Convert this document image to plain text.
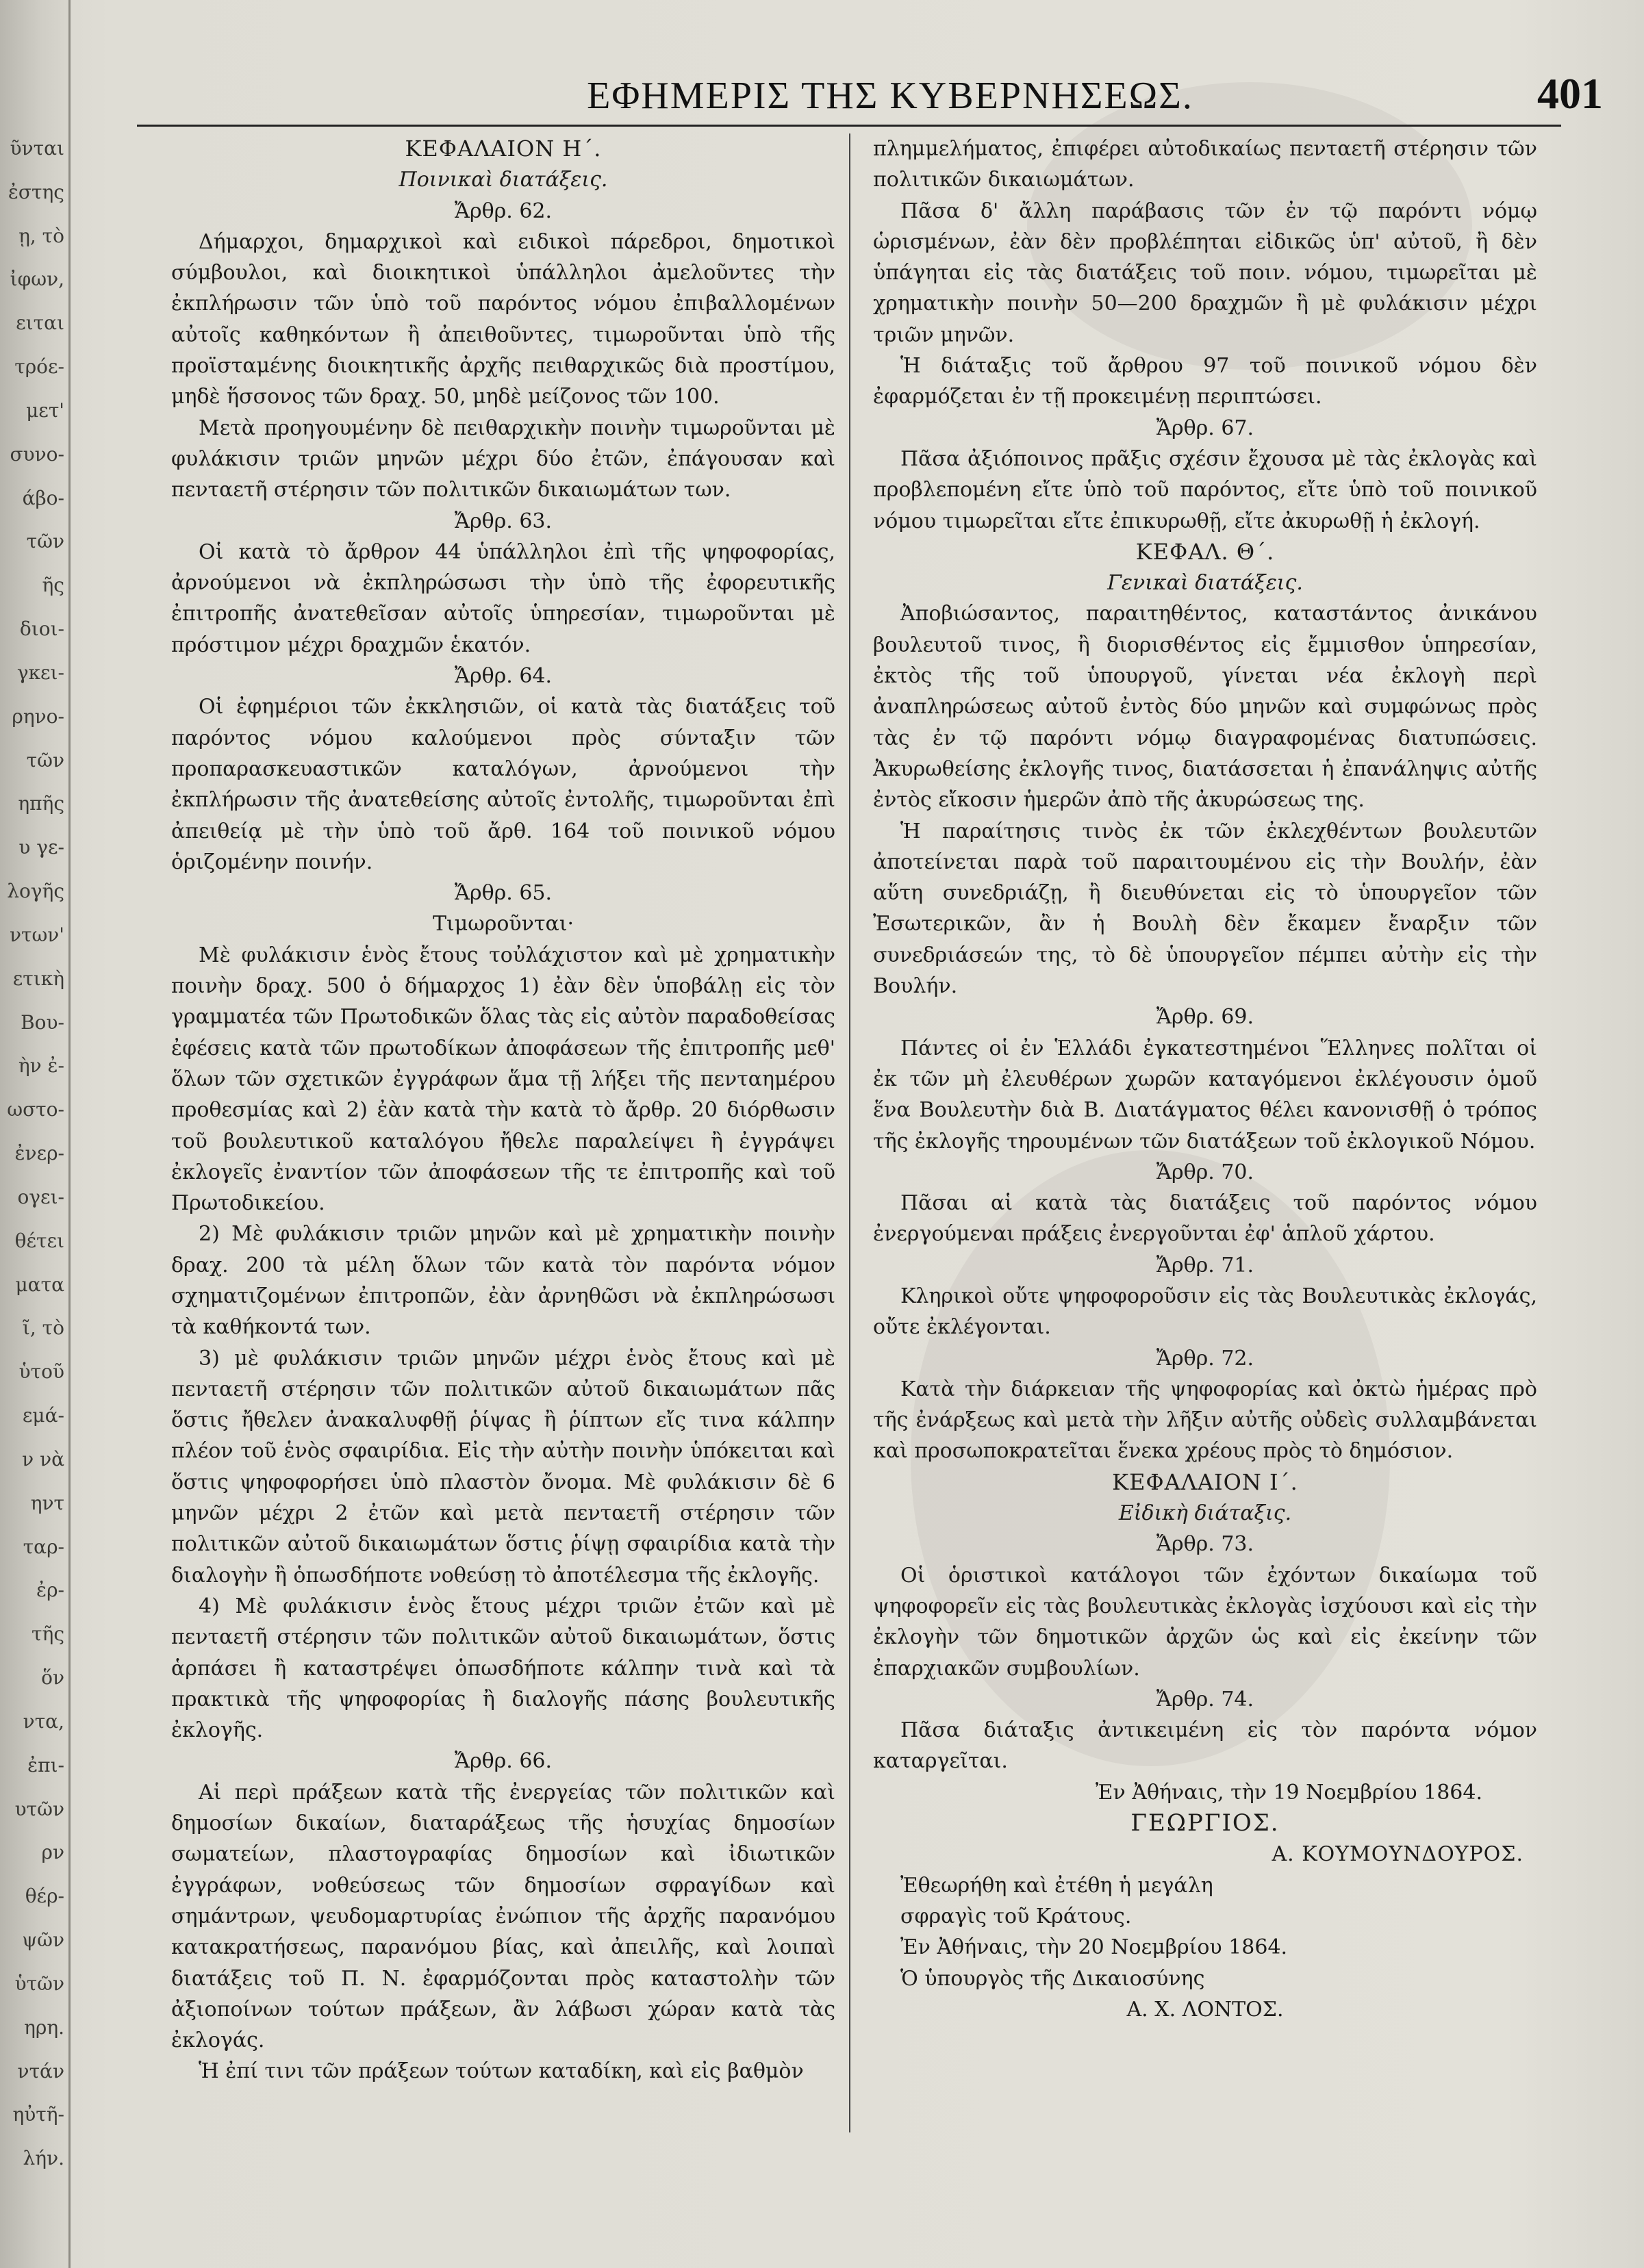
ῦνται
ἐστης
ῃ, τὸ
ἰφων,
ειται
τρόε-
μετ'
συνο-
άβο-
τῶν
ῆς
διοι-
γκει-
ρηνο-
τῶν
ηπῆς
υ γε-
λογῆς
ντων'
ετικὴ
Βου-
ὴν ἐ-
ωστο-
ἐνερ-
ογει-
θέτει
ματα
ῖ, τὸ
ὑτοῦ
εμά-
ν νὰ
ηντ
ταρ-
ἐρ-
τῆς
ὅν
ντα,
ἐπι-
υτῶν
ρν
θέρ-
ψῶν
ὑτῶν
ηρη.
ντάν
ηὐτῆ-
λήν.
ΕΦΗΜΕΡΙΣ ΤΗΣ ΚΥΒΕΡΝΗΣΕΩΣ.	401

ΚΕΦΑΛΑΙΟΝ Η΄.

Ποινικαὶ διατάξεις.

Ἄρθρ. 62.

Δήμαρχοι, δημαρχικοὶ καὶ ειδικοὶ πάρεδροι, δημοτικοὶ σύμβουλοι, καὶ διοικητικοὶ ὑπάλληλοι ἀμελοῦντες τὴν ἐκπλήρωσιν τῶν ὑπὸ τοῦ παρόντος νόμου ἐπιβαλλομένων αὐτοῖς καθηκόντων ἢ ἀπειθοῦντες, τιμωροῦνται ὑπὸ τῆς προϊσταμένης διοικητικῆς ἀρχῆς πειθαρχικῶς διὰ προστίμου, μηδὲ ἥσσονος τῶν δραχ. 50, μηδὲ μείζονος τῶν 100.

Μετὰ προηγουμένην δὲ πειθαρχικὴν ποινὴν τιμωροῦνται μὲ φυλάκισιν τριῶν μηνῶν μέχρι δύο ἐτῶν, ἐπάγουσαν καὶ πενταετῆ στέρησιν τῶν πολιτικῶν δικαιωμάτων των.

Ἄρθρ. 63.

Οἱ κατὰ τὸ ἄρθρον 44 ὑπάλληλοι ἐπὶ τῆς ψηφοφορίας, ἀρνούμενοι νὰ ἐκπληρώσωσι τὴν ὑπὸ τῆς ἐφορευτικῆς ἐπιτροπῆς ἀνατεθεῖσαν αὐτοῖς ὑπηρεσίαν, τιμωροῦνται μὲ πρόστιμον μέχρι δραχμῶν ἑκατόν.

Ἄρθρ. 64.

Οἱ ἐφημέριοι τῶν ἐκκλησιῶν, οἱ κατὰ τὰς διατάξεις τοῦ παρόντος νόμου καλούμενοι πρὸς σύνταξιν τῶν προπαρασκευαστικῶν καταλόγων, ἀρνούμενοι τὴν ἐκπλήρωσιν τῆς ἀνατεθείσης αὐτοῖς ἐντολῆς, τιμωροῦνται ἐπὶ ἀπειθείᾳ μὲ τὴν ὑπὸ τοῦ ἄρθ. 164 τοῦ ποινικοῦ νόμου ὁριζομένην ποινήν.

Ἄρθρ. 65.

Τιμωροῦνται·

Μὲ φυλάκισιν ἑνὸς ἔτους τοὐλάχιστον καὶ μὲ χρηματικὴν ποινὴν δραχ. 500 ὁ δήμαρχος 1) ἐὰν δὲν ὑποβάλῃ εἰς τὸν γραμματέα τῶν Πρωτοδικῶν ὅλας τὰς εἰς αὐτὸν παραδοθείσας ἐφέσεις κατὰ τῶν πρωτοδίκων ἀποφάσεων τῆς ἐπιτροπῆς μεθ' ὅλων τῶν σχετικῶν ἐγγράφων ἅμα τῇ λήξει τῆς πενταημέρου προθεσμίας καὶ 2) ἐὰν κατὰ τὴν κατὰ τὸ ἄρθρ. 20 διόρθωσιν τοῦ βουλευτικοῦ καταλόγου ἤθελε παραλείψει ἢ ἐγγράψει ἐκλογεῖς ἐναντίον τῶν ἀποφάσεων τῆς τε ἐπιτροπῆς καὶ τοῦ Πρωτοδικείου.

2) Μὲ φυλάκισιν τριῶν μηνῶν καὶ μὲ χρηματικὴν ποινὴν δραχ. 200 τὰ μέλη ὅλων τῶν κατὰ τὸν παρόντα νόμον σχηματιζομένων ἐπιτροπῶν, ἐὰν ἀρνηθῶσι νὰ ἐκπληρώσωσι τὰ καθήκοντά των.

3) μὲ φυλάκισιν τριῶν μηνῶν μέχρι ἑνὸς ἔτους καὶ μὲ πενταετῆ στέρησιν τῶν πολιτικῶν αὐτοῦ δικαιωμάτων πᾶς ὅστις ἤθελεν ἀνακαλυφθῇ ῥίψας ἢ ῥίπτων εἴς τινα κάλπην πλέον τοῦ ἑνὸς σφαιρίδια. Εἰς τὴν αὐτὴν ποινὴν ὑπόκειται καὶ ὅστις ψηφοφορήσει ὑπὸ πλαστὸν ὄνομα. Μὲ φυλάκισιν δὲ 6 μηνῶν μέχρι 2 ἐτῶν καὶ μετὰ πενταετῆ στέρησιν τῶν πολιτικῶν αὐτοῦ δικαιωμάτων ὅστις ῥίψῃ σφαιρίδια κατὰ τὴν διαλογὴν ἢ ὁπωσδήποτε νοθεύσῃ τὸ ἀποτέλεσμα τῆς ἐκλογῆς.

4) Μὲ φυλάκισιν ἑνὸς ἔτους μέχρι τριῶν ἐτῶν καὶ μὲ πενταετῆ στέρησιν τῶν πολιτικῶν αὐτοῦ δικαιωμάτων, ὅστις ἁρπάσει ἢ καταστρέψει ὁπωσδήποτε κάλπην τινὰ καὶ τὰ πρακτικὰ τῆς ψηφοφορίας ἢ διαλογῆς πάσης βουλευτικῆς ἐκλογῆς.

Ἄρθρ. 66.

Αἱ περὶ πράξεων κατὰ τῆς ἐνεργείας τῶν πολιτικῶν καὶ δημοσίων δικαίων, διαταράξεως τῆς ἡσυχίας δημοσίων σωματείων, πλαστογραφίας δημοσίων καὶ ἰδιωτικῶν ἐγγράφων, νοθεύσεως τῶν δημοσίων σφραγίδων καὶ σημάντρων, ψευδομαρτυρίας ἐνώπιον τῆς ἀρχῆς παρανόμου κατακρατήσεως, παρανόμου βίας, καὶ ἀπειλῆς, καὶ λοιπαὶ διατάξεις τοῦ Π. Ν. ἐφαρμόζονται πρὸς καταστολὴν τῶν ἀξιοποίνων τούτων πράξεων, ἂν λάβωσι χώραν κατὰ τὰς ἐκλογάς.

Ἡ ἐπί τινι τῶν πράξεων τούτων καταδίκη, καὶ εἰς βαθμὸν

πλημμελήματος, ἐπιφέρει αὐτοδικαίως πενταετῆ στέρησιν τῶν πολιτικῶν δικαιωμάτων.

Πᾶσα δ' ἄλλη παράβασις τῶν ἐν τῷ παρόντι νόμῳ ὡρισμένων, ἐὰν δὲν προβλέπηται εἰδικῶς ὑπ' αὐτοῦ, ἢ δὲν ὑπάγηται εἰς τὰς διατάξεις τοῦ ποιν. νόμου, τιμωρεῖται μὲ χρηματικὴν ποινὴν 50—200 δραχμῶν ἢ μὲ φυλάκισιν μέχρι τριῶν μηνῶν.

Ἡ διάταξις τοῦ ἄρθρου 97 τοῦ ποινικοῦ νόμου δὲν ἐφαρμόζεται ἐν τῇ προκειμένῃ περιπτώσει.

Ἄρθρ. 67.

Πᾶσα ἀξιόποινος πρᾶξις σχέσιν ἔχουσα μὲ τὰς ἐκλογὰς καὶ προβλεπομένη εἴτε ὑπὸ τοῦ παρόντος, εἴτε ὑπὸ τοῦ ποινικοῦ νόμου τιμωρεῖται εἴτε ἐπικυρωθῇ, εἴτε ἀκυρωθῇ ἡ ἐκλογή.

ΚΕΦΑΛ. Θ΄.

Γενικαὶ διατάξεις.

Ἀποβιώσαντος, παραιτηθέντος, καταστάντος ἀνικάνου βουλευτοῦ τινος, ἢ διορισθέντος εἰς ἔμμισθον ὑπηρεσίαν, ἐκτὸς τῆς τοῦ ὑπουργοῦ, γίνεται νέα ἐκλογὴ περὶ ἀναπληρώσεως αὐτοῦ ἐντὸς δύο μηνῶν καὶ συμφώνως πρὸς τὰς ἐν τῷ παρόντι νόμῳ διαγραφομένας διατυπώσεις. Ἀκυρωθείσης ἐκλογῆς τινος, διατάσσεται ἡ ἐπανάληψις αὐτῆς ἐντὸς εἴκοσιν ἡμερῶν ἀπὸ τῆς ἀκυρώσεως της.

Ἡ παραίτησις τινὸς ἐκ τῶν ἐκλεχθέντων βουλευτῶν ἀποτείνεται παρὰ τοῦ παραιτουμένου εἰς τὴν Βουλήν, ἐὰν αὕτη συνεδριάζῃ, ἢ διευθύνεται εἰς τὸ ὑπουργεῖον τῶν Ἐσωτερικῶν, ἂν ἡ Βουλὴ δὲν ἔκαμεν ἔναρξιν τῶν συνεδριάσεών της, τὸ δὲ ὑπουργεῖον πέμπει αὐτὴν εἰς τὴν Βουλήν.

Ἄρθρ. 69.

Πάντες οἱ ἐν Ἑλλάδι ἐγκατεστημένοι Ἕλληνες πολῖται οἱ ἐκ τῶν μὴ ἐλευθέρων χωρῶν καταγόμενοι ἐκλέγουσιν ὁμοῦ ἕνα Βουλευτὴν διὰ Β. Διατάγματος θέλει κανονισθῇ ὁ τρόπος τῆς ἐκλογῆς τηρουμένων τῶν διατάξεων τοῦ ἐκλογικοῦ Νόμου.

Ἄρθρ. 70.

Πᾶσαι αἱ κατὰ τὰς διατάξεις τοῦ παρόντος νόμου ἐνεργούμεναι πράξεις ἐνεργοῦνται ἐφ' ἁπλοῦ χάρτου.

Ἄρθρ. 71.

Κληρικοὶ οὔτε ψηφοφοροῦσιν εἰς τὰς Βουλευτικὰς ἐκλογάς, οὔτε ἐκλέγονται.

Ἄρθρ. 72.

Κατὰ τὴν διάρκειαν τῆς ψηφοφορίας καὶ ὀκτὼ ἡμέρας πρὸ τῆς ἐνάρξεως καὶ μετὰ τὴν λῆξιν αὐτῆς οὐδεὶς συλλαμβάνεται καὶ προσωποκρατεῖται ἕνεκα χρέους πρὸς τὸ δημόσιον.

ΚΕΦΑΛΑΙΟΝ Ι΄.

Εἰδικὴ διάταξις.

Ἄρθρ. 73.

Οἱ ὁριστικοὶ κατάλογοι τῶν ἐχόντων δικαίωμα τοῦ ψηφοφορεῖν εἰς τὰς βουλευτικὰς ἐκλογὰς ἰσχύουσι καὶ εἰς τὴν ἐκλογὴν τῶν δημοτικῶν ἀρχῶν ὡς καὶ εἰς ἐκείνην τῶν ἐπαρχιακῶν συμβουλίων.

Ἄρθρ. 74.

Πᾶσα διάταξις ἀντικειμένη εἰς τὸν παρόντα νόμον καταργεῖται.

Ἐν Ἀθήναις, τὴν 19 Νοεμβρίου 1864.

ΓΕΩΡΓΙΟΣ.

Α. ΚΟΥΜΟΥΝΔΟΥΡΟΣ.

Ἐθεωρήθη καὶ ἐτέθη ἡ μεγάλη

σφραγὶς τοῦ Κράτους.

Ἐν Ἀθήναις, τὴν 20 Νοεμβρίου 1864.

Ὁ ὑπουργὸς τῆς Δικαιοσύνης

Α. Χ. ΛΟΝΤΟΣ.
